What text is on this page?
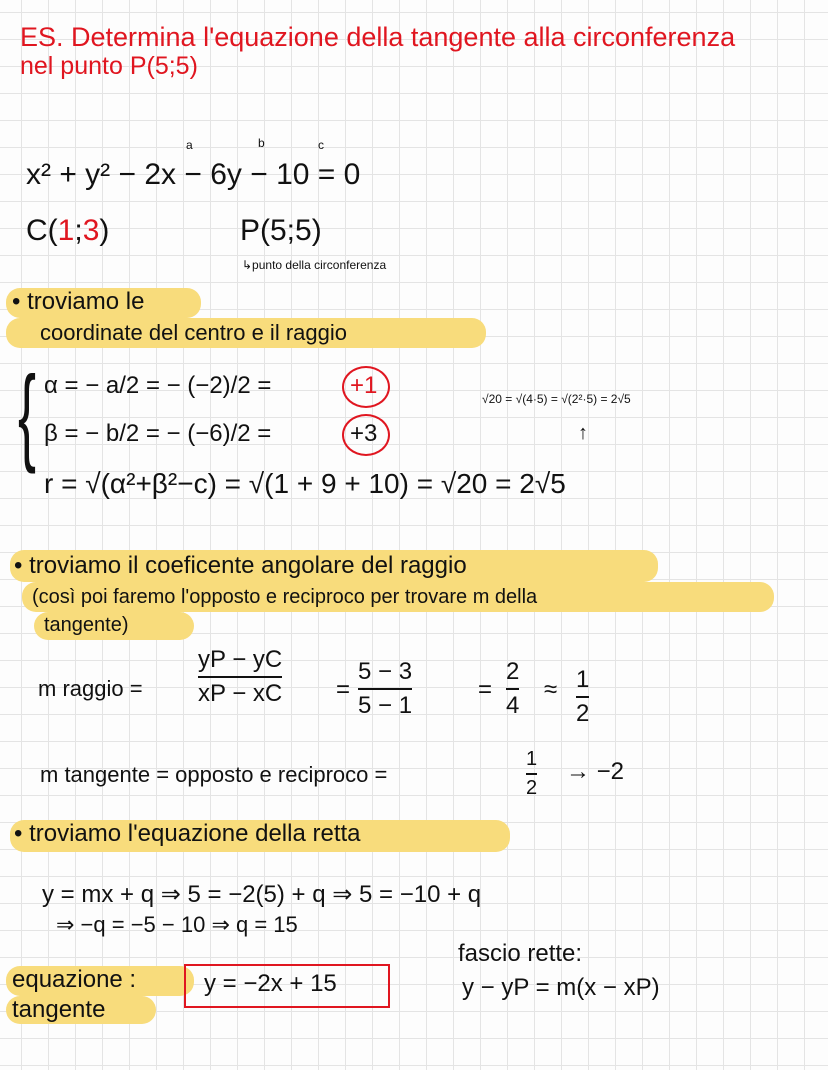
ES. Determina l'equazione della tangente alla circonferenza
nel punto P(5;5)
a	b	c
x² + y² − 2x − 6y − 10 = 0
C(1;3)	P(5;5)
↳punto della circonferenza
• troviamo le
coordinate del centro e il raggio
{ α = − a/2 = − (−2)/2 =	+1
β = − b/2 = − (−6)/2 =	+3
r = √(α²+β²−c) = √(1 + 9 + 10) = √20 = 2√5
√20 = √(4·5) = √(2²·5) = 2√5
↑
• troviamo il coeficente angolare del raggio
(così poi faremo l'opposto e reciproco per trovare m della
tangente)
m raggio =
yP − yC
xP − xC =
5 − 3
5 − 1
=
2
4
≈ 1
2
m tangente = opposto e reciproco =
1
2
→ −2
• troviamo l'equazione della retta
y = mx + q ⇒ 5 = −2(5) + q ⇒ 5 = −10 + q
⇒ −q = −5 − 10 ⇒ q = 15
equazione :
tangente
y = −2x + 15
fascio rette:
y − yP = m(x − xP)
